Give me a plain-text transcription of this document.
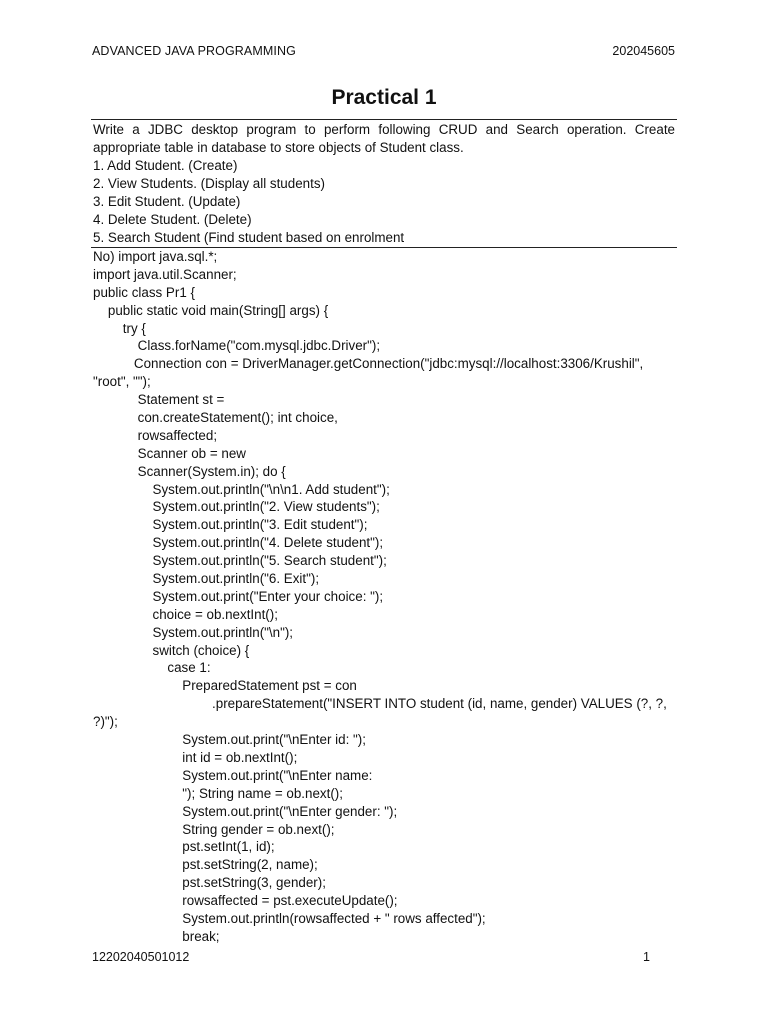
ADVANCED JAVA PROGRAMMING	202045605
Practical 1

Write a JDBC desktop program to perform following CRUD and Search operation. Create appropriate table in database to store objects of Student class.

1. Add Student. (Create)

2. View Students. (Display all students)

3. Edit Student. (Update)

4. Delete Student. (Delete)

5. Search Student (Find student based on enrolment

No) import java.sql.*;
import java.util.Scanner;
public class Pr1 {
public static void main(String[] args) {
try {
Class.forName("com.mysql.jdbc.Driver");
Connection con = DriverManager.getConnection("jdbc:mysql://localhost:3306/Krushil",
"root", "");
Statement st =
con.createStatement(); int choice,
rowsaffected;
Scanner ob = new
Scanner(System.in); do {
System.out.println("\n\n1. Add student");
System.out.println("2. View students");
System.out.println("3. Edit student");
System.out.println("4. Delete student");
System.out.println("5. Search student");
System.out.println("6. Exit");
System.out.print("Enter your choice: ");
choice = ob.nextInt();
System.out.println("\n");
switch (choice) {
case 1:
PreparedStatement pst = con
.prepareStatement("INSERT INTO student (id, name, gender) VALUES (?, ?,
?)");
System.out.print("\nEnter id: ");
int id = ob.nextInt();
System.out.print("\nEnter name:
"); String name = ob.next();
System.out.print("\nEnter gender: ");
String gender = ob.next();
pst.setInt(1, id);
pst.setString(2, name);
pst.setString(3, gender);
rowsaffected = pst.executeUpdate();
System.out.println(rowsaffected + " rows affected");
break;
12202040501012	1
